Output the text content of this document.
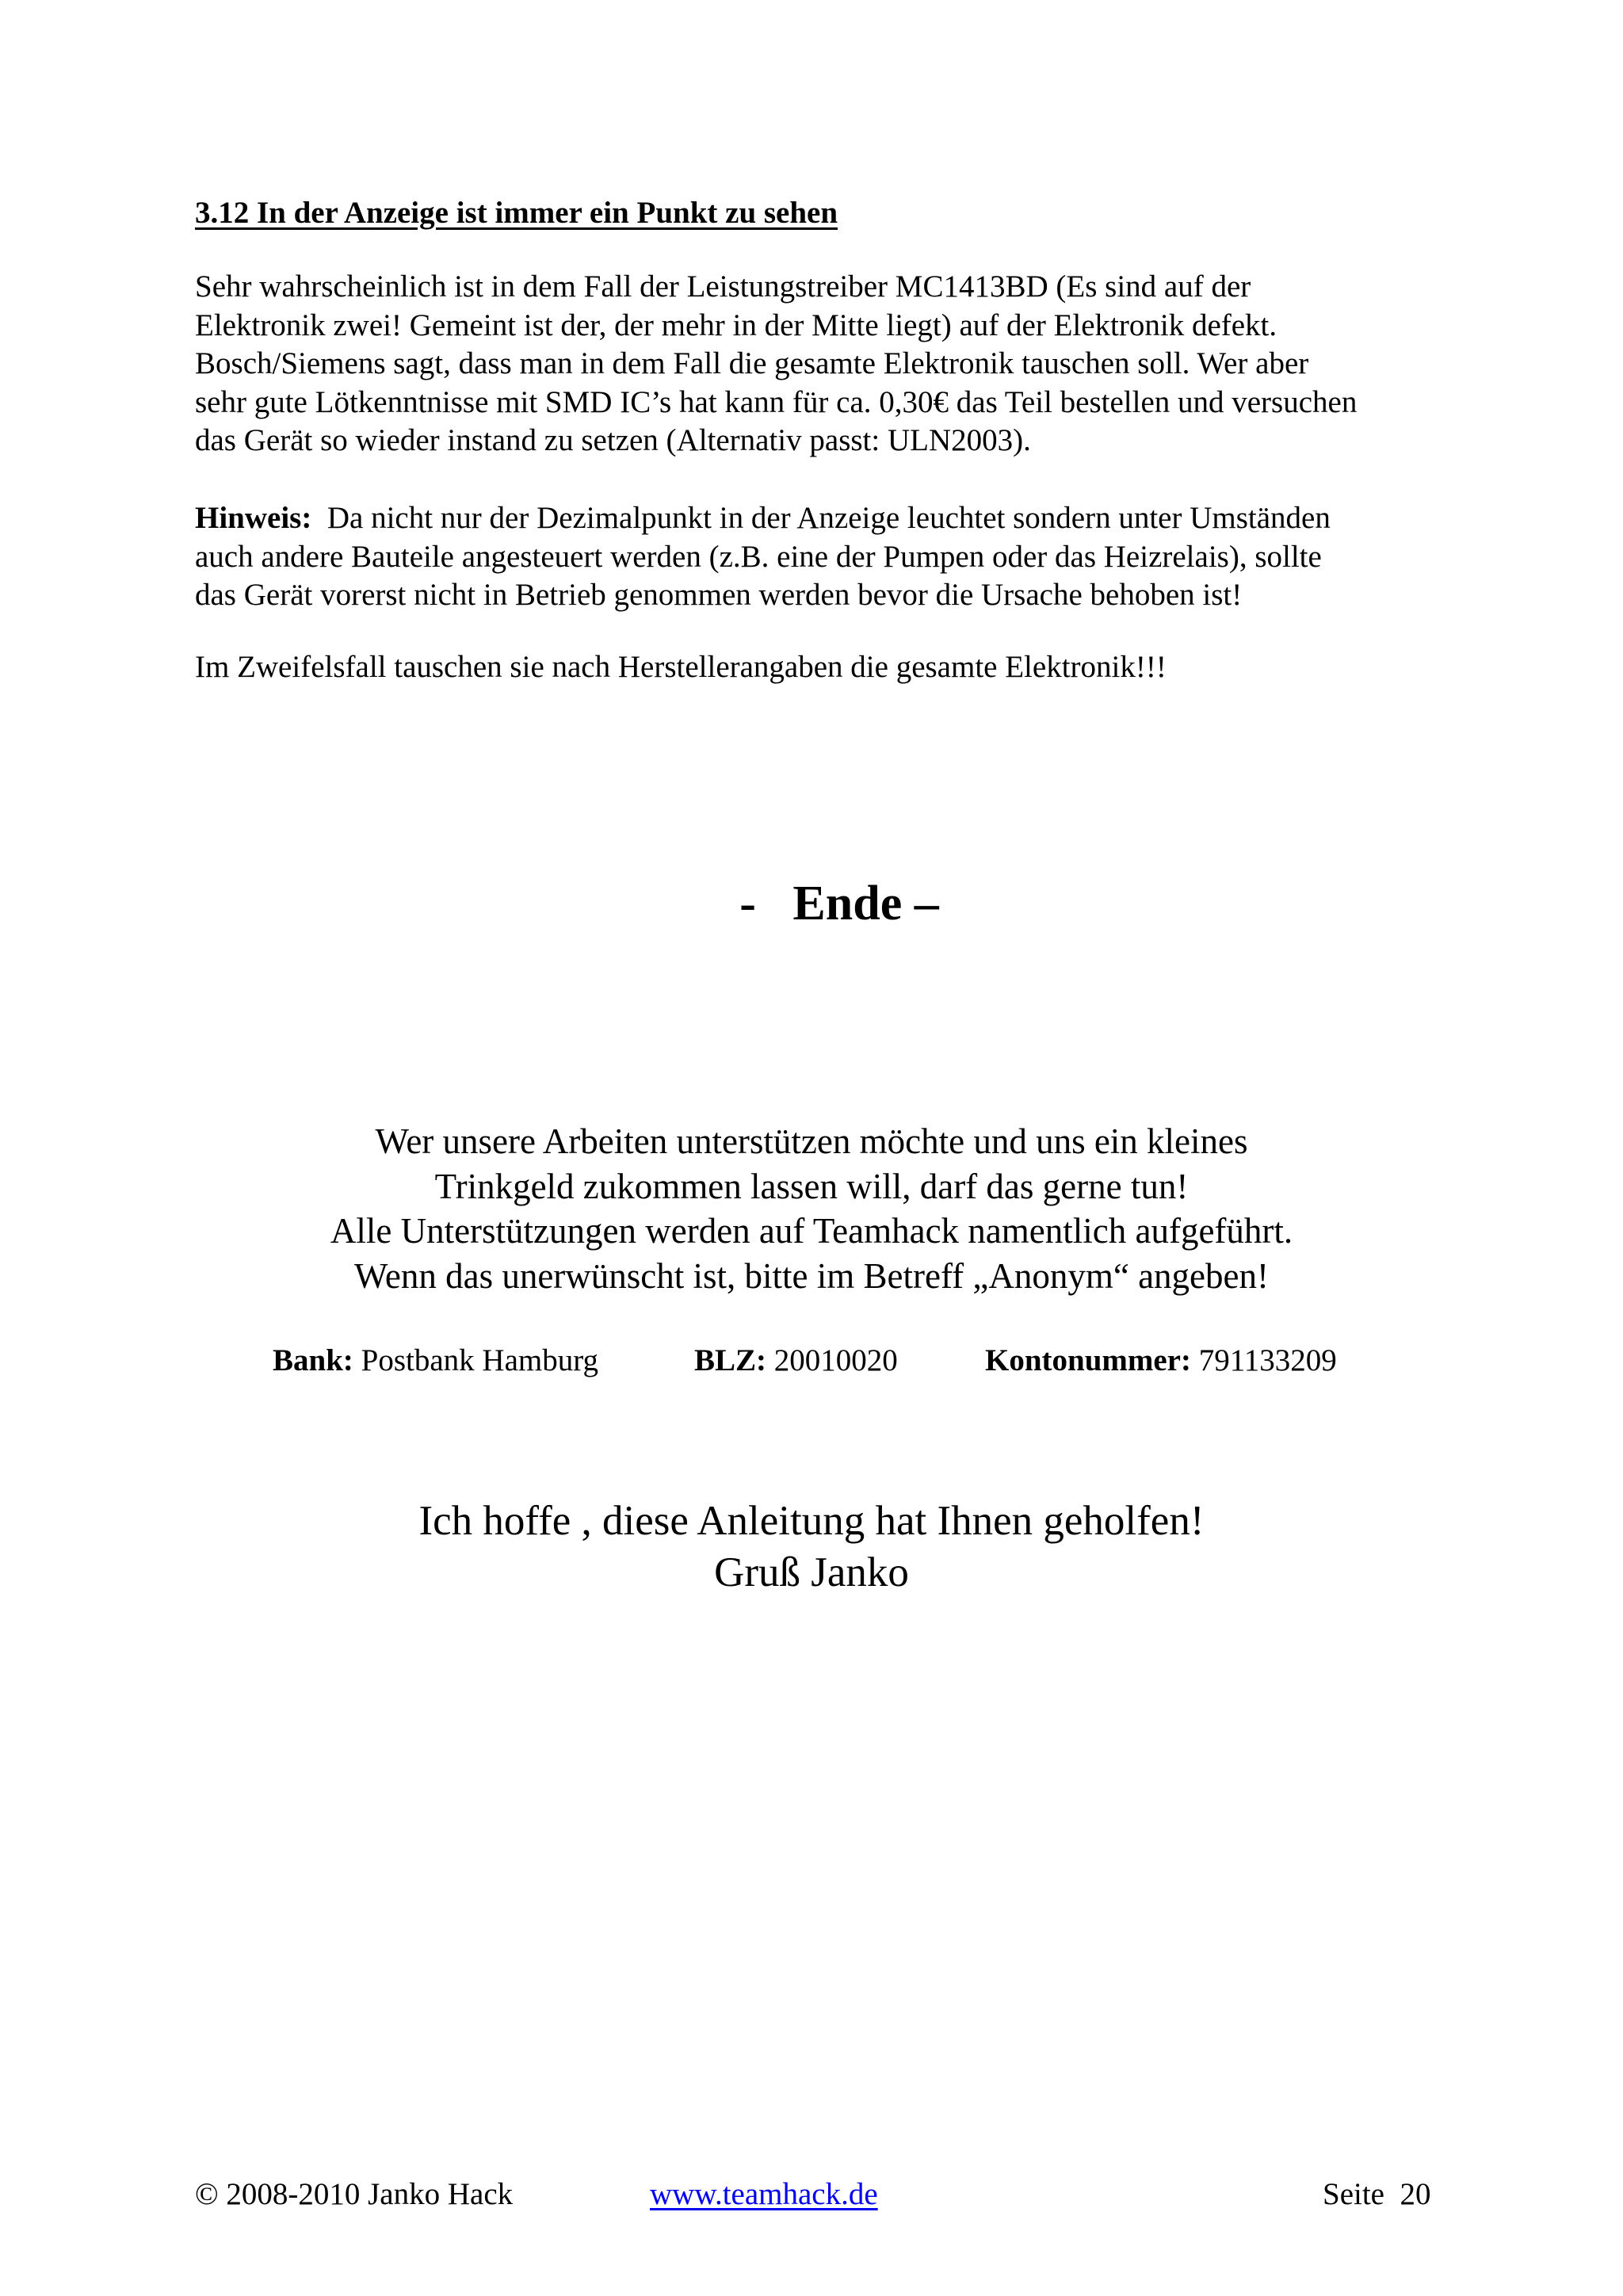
3.12 In der Anzeige ist immer ein Punkt zu sehen
Sehr wahrscheinlich ist in dem Fall der Leistungstreiber MC1413BD (Es sind auf der
Elektronik zwei! Gemeint ist der, der mehr in der Mitte liegt) auf der Elektronik defekt.
Bosch/Siemens sagt, dass man in dem Fall die gesamte Elektronik tauschen soll. Wer aber
sehr gute Lötkenntnisse mit SMD IC’s hat kann für ca. 0,30€ das Teil bestellen und versuchen
das Gerät so wieder instand zu setzen (Alternativ passt: ULN2003).
Hinweis:  Da nicht nur der Dezimalpunkt in der Anzeige leuchtet sondern unter Umständen
auch andere Bauteile angesteuert werden (z.B. eine der Pumpen oder das Heizrelais), sollte
das Gerät vorerst nicht in Betrieb genommen werden bevor die Ursache behoben ist!
Im Zweifelsfall tauschen sie nach Herstellerangaben die gesamte Elektronik!!!
-   Ende –
Wer unsere Arbeiten unterstützen möchte und uns ein kleines
Trinkgeld zukommen lassen will, darf das gerne tun!
Alle Unterstützungen werden auf Teamhack namentlich aufgeführt.
Wenn das unerwünscht ist, bitte im Betreff „Anonym“ angeben!
Bank: Postbank Hamburg	BLZ: 20010020	Kontonummer: 791133209
Ich hoffe , diese Anleitung hat Ihnen geholfen!
Gruß Janko
© 2008-2010 Janko Hack	www.teamhack.de	Seite  20
